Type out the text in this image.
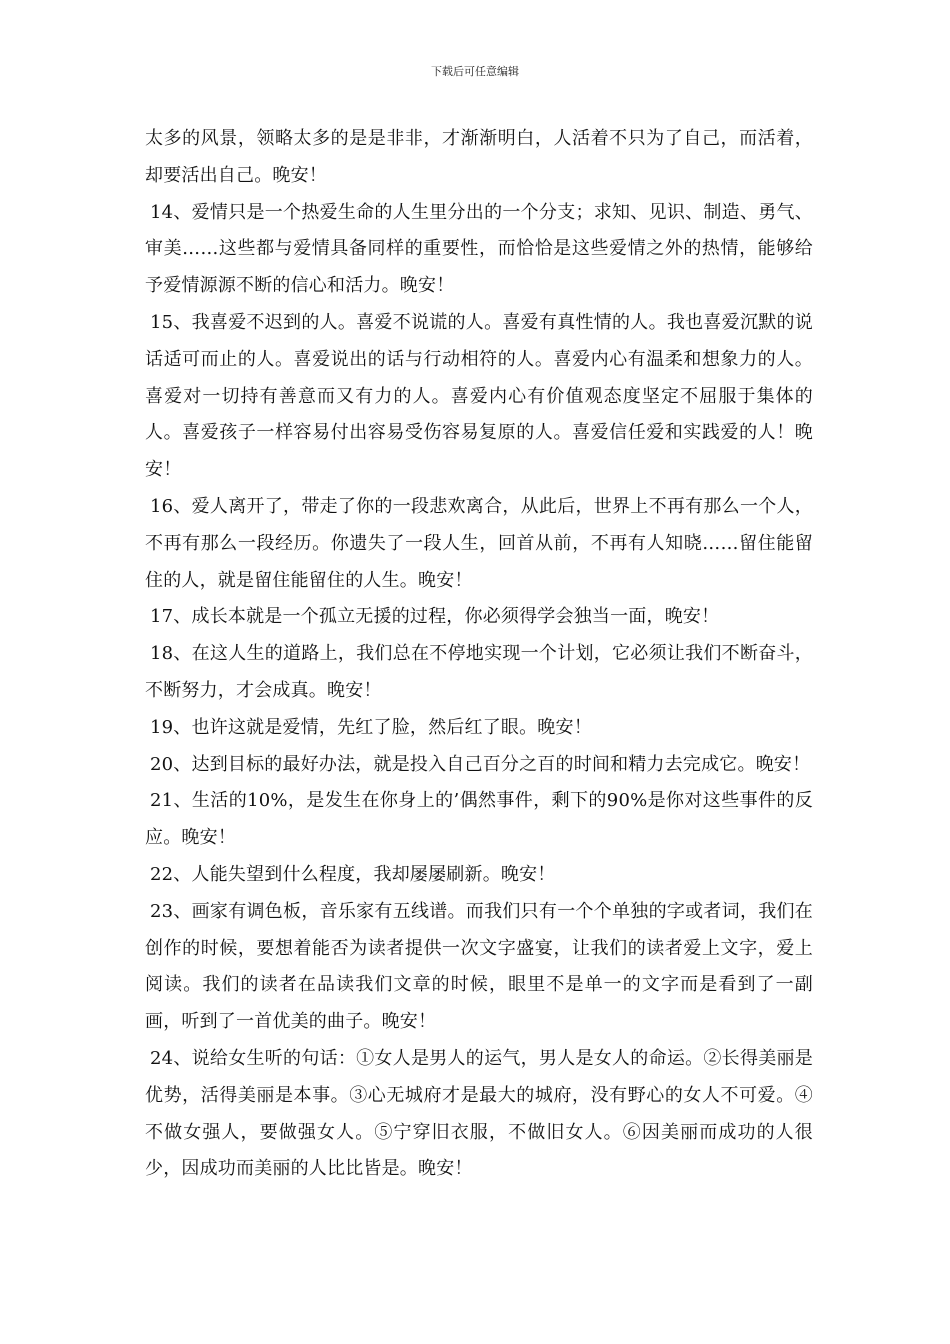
下载后可任意编辑

太多的风景，领略太多的是是非非，才渐渐明白，人活着不只为了自己，而活着，却要活出自己。晚安！

14、爱情只是一个热爱生命的人生里分出的一个分支；求知、见识、制造、勇气、审美……这些都与爱情具备同样的重要性，而恰恰是这些爱情之外的热情，能够给予爱情源源不断的信心和活力。晚安！

15、我喜爱不迟到的人。喜爱不说谎的人。喜爱有真性情的人。我也喜爱沉默的说话适可而止的人。喜爱说出的话与行动相符的人。喜爱内心有温柔和想象力的人。喜爱对一切持有善意而又有力的人。喜爱内心有价值观态度坚定不屈服于集体的人。喜爱孩子一样容易付出容易受伤容易复原的人。喜爱信任爱和实践爱的人！晚安！

16、爱人离开了，带走了你的一段悲欢离合，从此后，世界上不再有那么一个人，不再有那么一段经历。你遗失了一段人生，回首从前，不再有人知晓……留住能留住的人，就是留住能留住的人生。晚安！

17、成长本就是一个孤立无援的过程，你必须得学会独当一面，晚安！

18、在这人生的道路上，我们总在不停地实现一个计划，它必须让我们不断奋斗，不断努力，才会成真。晚安！

19、也许这就是爱情，先红了脸，然后红了眼。晚安！

20、达到目标的最好办法，就是投入自己百分之百的时间和精力去完成它。晚安！

21、生活的10%，是发生在你身上的’偶然事件，剩下的90%是你对这些事件的反应。晚安！

22、人能失望到什么程度，我却屡屡刷新。晚安！

23、画家有调色板，音乐家有五线谱。而我们只有一个个单独的字或者词，我们在创作的时候，要想着能否为读者提供一次文字盛宴，让我们的读者爱上文字，爱上阅读。我们的读者在品读我们文章的时候，眼里不是单一的文字而是看到了一副画，听到了一首优美的曲子。晚安！

24、说给女生听的句话：①女人是男人的运气，男人是女人的命运。②长得美丽是优势，活得美丽是本事。③心无城府才是最大的城府，没有野心的女人不可爱。④不做女强人，要做强女人。⑤宁穿旧衣服，不做旧女人。⑥因美丽而成功的人很少，因成功而美丽的人比比皆是。晚安！
